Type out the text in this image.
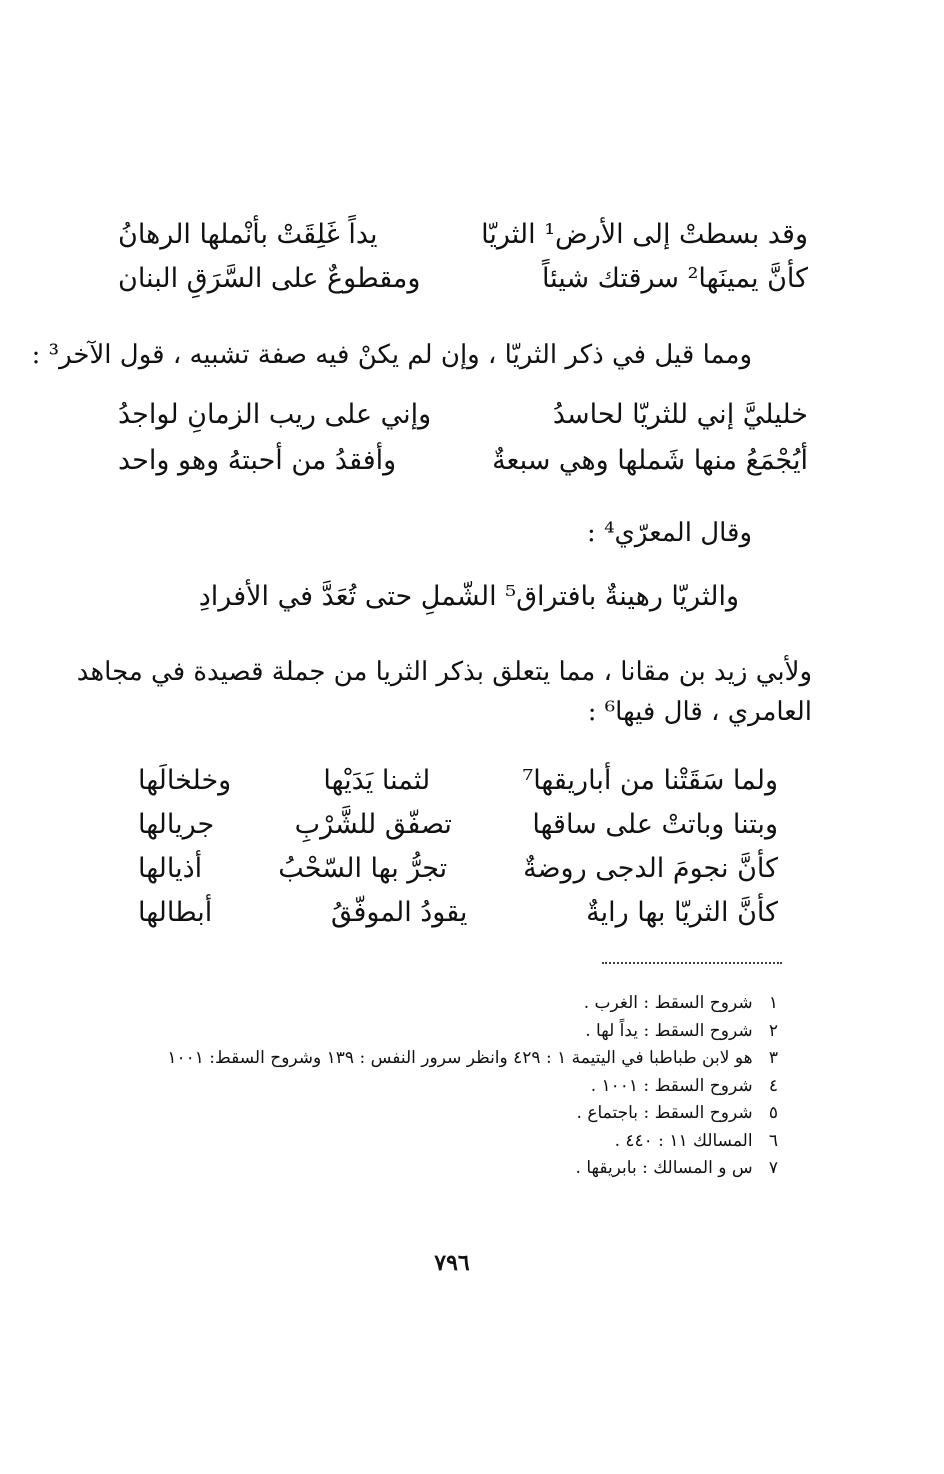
وقد بسطتْ إلى الأرض¹ الثريّا
يداً غَلِقَتْ بأنْملها الرهانُ
كأنَّ يمينَها² سرقتك شيئاً
ومقطوعٌ على السَّرَقِ البنان
ومما قيل في ذكر الثريّا ، وإن لم يكنْ فيه صفة تشبيه ، قول الآخر³ :
خليليَّ إني للثريّا لحاسدُ
وإني على ريب الزمانِ لواجدُ
أيُجْمَعُ منها شَملها وهي سبعةٌ
وأفقدُ من أحبتهُ وهو واحد
وقال المعرّي⁴ :
والثريّا رهينةٌ بافتراق⁵ الشّملِ حتى تُعَدَّ في الأفرادِ
ولأبي زيد بن مقانا ، مما يتعلق بذكر الثريا من جملة قصيدة في مجاهد
العامري ، قال فيها⁶ :
ولما سَقَتْنا من أباريقها⁷
لثمنا يَدَيْها
وخلخالَها
وبتنا وباتتْ على ساقها
تصفّق للشَّرْبِ
جريالها
كأنَّ نجومَ الدجى روضةٌ
تجرُّ بها السّحْبُ
أذيالها
كأنَّ الثريّا بها رايةٌ
يقودُ الموفّقُ
أبطالها
١ شروح السقط : الغرب .
٢ شروح السقط : يداً لها .
٣ هو لابن طباطبا في اليتيمة ١ : ٤٢٩ وانظر سرور النفس : ١٣٩ وشروح السقط: ١٠٠١
٤ شروح السقط : ١٠٠١ .
٥ شروح السقط : باجتماع .
٦ المسالك ١١ : ٤٤٠ .
٧ س و المسالك : بابريقها .
٧٩٦
